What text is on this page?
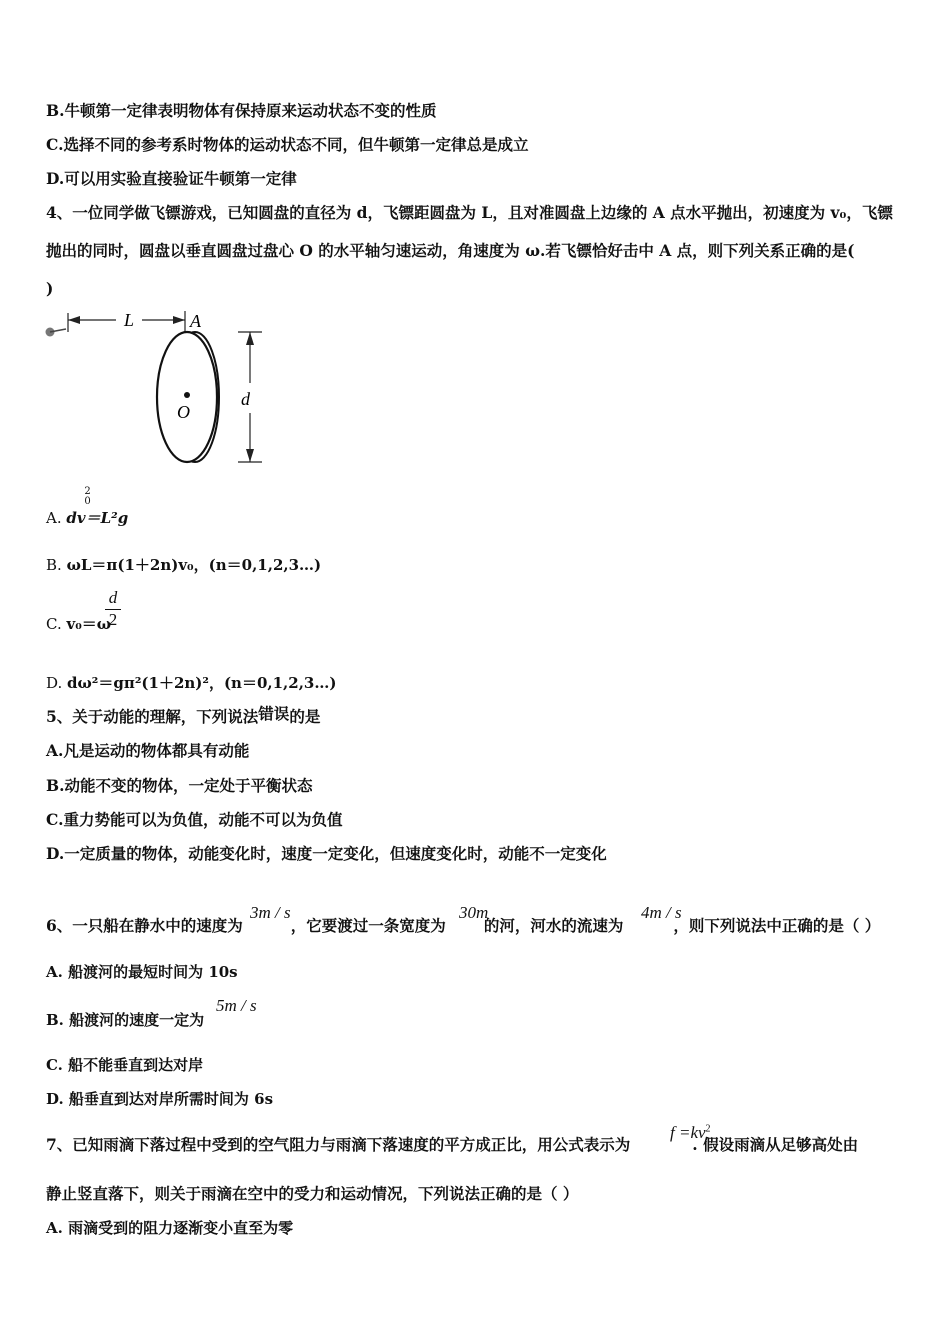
B.牛顿第一定律表明物体有保持原来运动状态不变的性质
C.选择不同的参考系时物体的运动状态不同，但牛顿第一定律总是成立
D.可以用实验直接验证牛顿第一定律
4、一位同学做飞镖游戏，已知圆盘的直径为 d，飞镖距圆盘为 L，且对准圆盘上边缘的 A 点水平抛出，初速度为 v₀，飞镖
抛出的同时，圆盘以垂直圆盘过盘心 O 的水平轴匀速运动，角速度为 ω.若飞镖恰好击中 A 点，则下列关系正确的是(
)
L	A
O
d
A. dv
2
0
＝L²g
B. ωL＝π(1＋2n)v₀，(n＝0,1,2,3…)
C. v₀＝ω
d
2
D. dω²＝gπ²(1＋2n)²，(n＝0,1,2,3…)
5、关于动能的理解，下列说法错误的是
A.凡是运动的物体都具有动能
B.动能不变的物体，一定处于平衡状态
C.重力势能可以为负值，动能不可以为负值
D.一定质量的物体，动能变化时，速度一定变化，但速度变化时，动能不一定变化
6、一只船在静水中的速度为	，它要渡过一条宽度为 的河，河水的流速为	，则下列说法中正确的是（ ）
3m / s	30m	4m / s
A. 船渡河的最短时间为 10s
B. 船渡河的速度一定为
5m / s
C. 船不能垂直到达对岸
D. 船垂直到达对岸所需时间为 6s
7、已知雨滴下落过程中受到的空气阻力与雨滴下落速度的平方成正比，用公式表示为	. 假设雨滴从足够高处由
$f =kv^2$
静止竖直落下，则关于雨滴在空中的受力和运动情况，下列说法正确的是（ ）
A. 雨滴受到的阻力逐渐变小直至为零
